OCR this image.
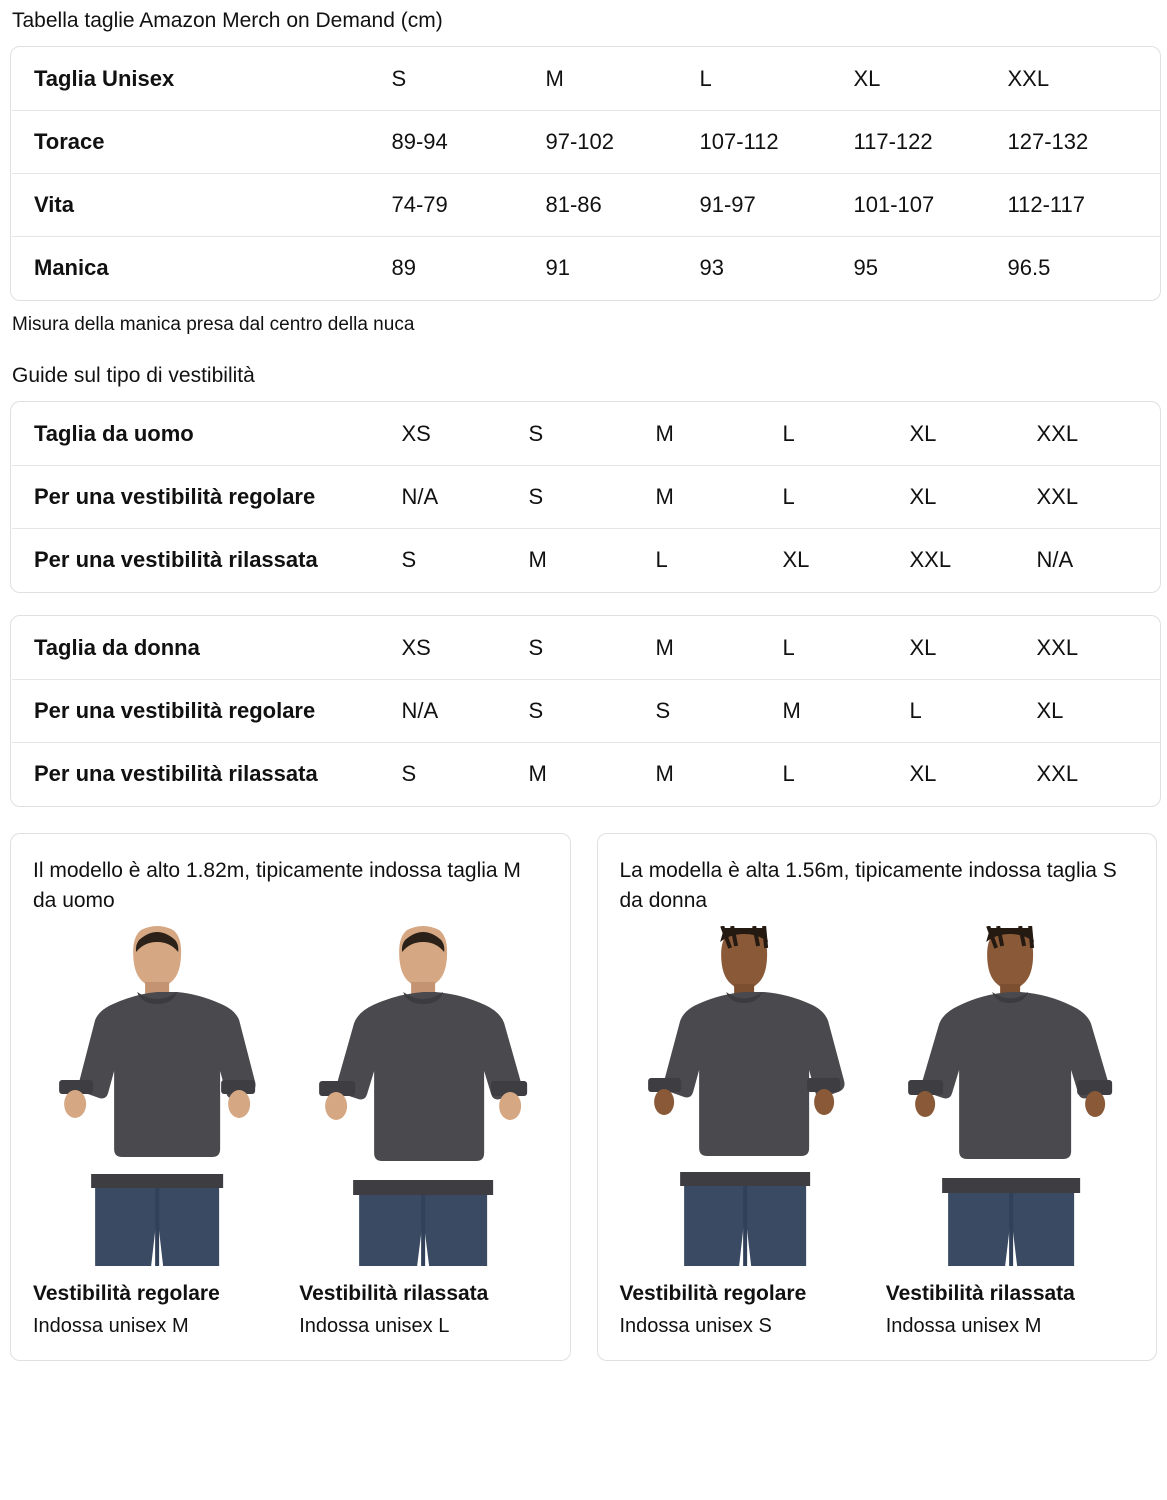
Tabella taglie Amazon Merch on Demand (cm)
Taglia Unisex	S	M	L	XL	XXL
Torace	89-94	97-102	107-112	117-122	127-132
Vita	74-79	81-86	91-97	101-107	112-117
Manica	89	91	93	95	96.5
Misura della manica presa dal centro della nuca
Guide sul tipo di vestibilità
Taglia da uomo	XS	S	M	L	XL	XXL
Per una vestibilità regolare	N/A	S	M	L	XL	XXL
Per una vestibilità rilassata	S	M	L	XL	XXL	N/A
Taglia da donna	XS	S	M	L	XL	XXL
Per una vestibilità regolare	N/A	S	S	M	L	XL
Per una vestibilità rilassata	S	M	M	L	XL	XXL
Il modello è alto 1.82m, tipicamente indossa taglia M da uomo
Vestibilità regolare
Indossa unisex M
Vestibilità rilassata
Indossa unisex L
La modella è alta 1.56m, tipicamente indossa taglia S da donna
Vestibilità regolare
Indossa unisex S
Vestibilità rilassata
Indossa unisex M
